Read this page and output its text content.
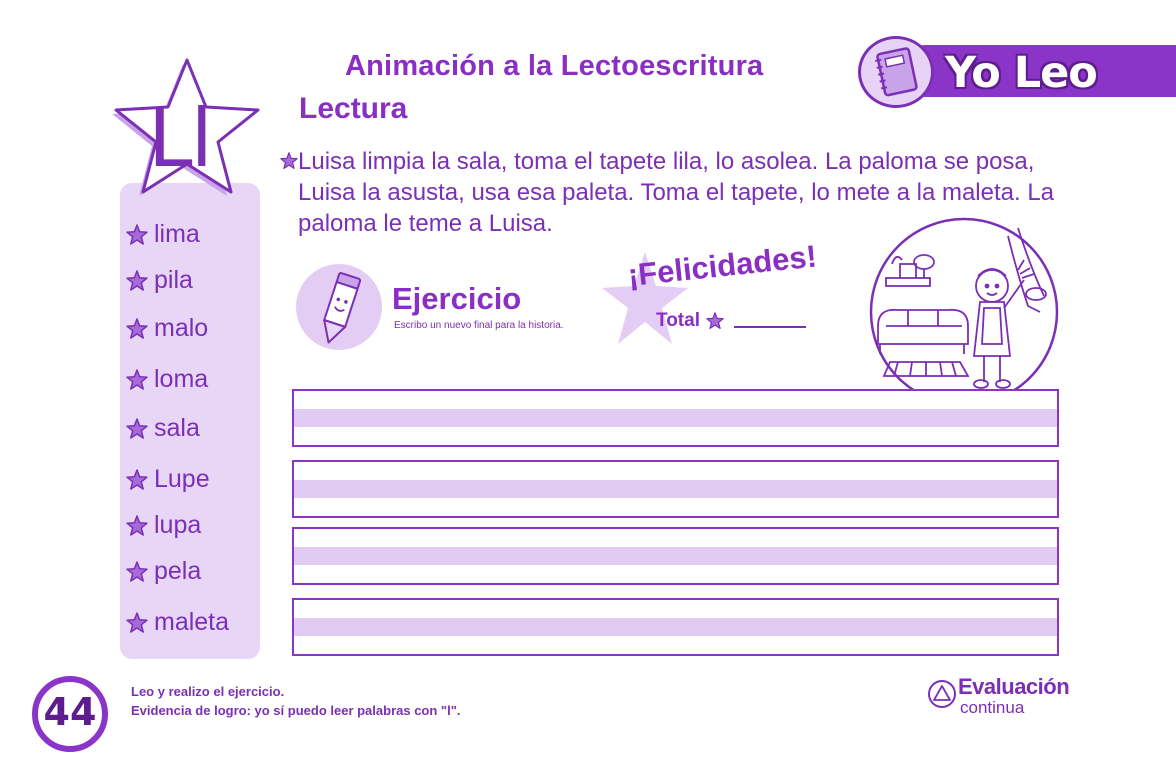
Animación a la Lectoescritura
Lectura
Yo Leo
Ll
lima
pila
malo
loma
sala
Lupe
lupa
pela
maleta
Luisa limpia la sala, toma el tapete lila, lo asolea. La paloma se posa, Luisa la asusta, usa esa paleta. Toma el tapete, lo mete a la maleta. La paloma le teme a Luisa.
Ejercicio
Escribo un nuevo final para la historia.
¡Felicidades!
Total
44	Leo y realizo el ejercicio.
Evidencia de logro: yo sí puedo leer palabras con "l".
Evaluación
continua
